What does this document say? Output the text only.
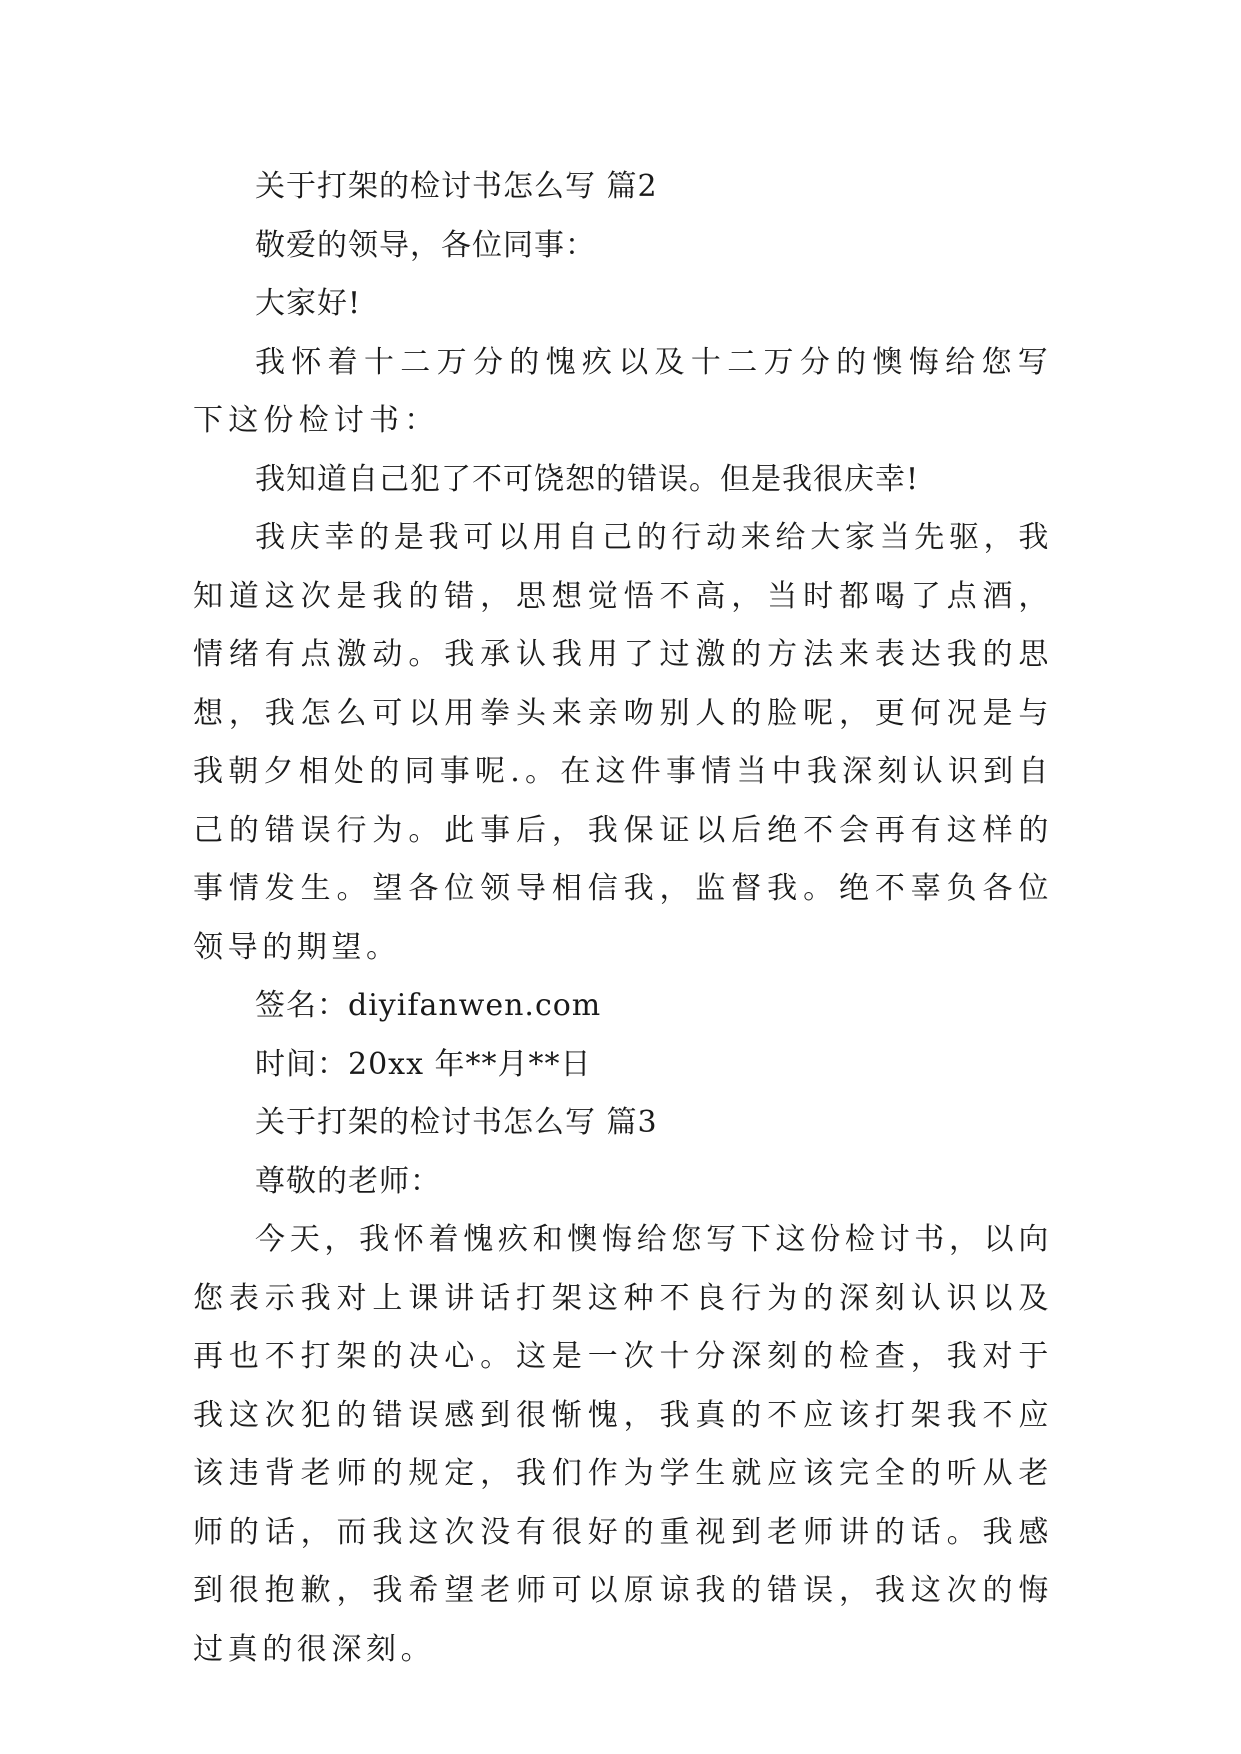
关于打架的检讨书怎么写 篇2
敬爱的领导，各位同事：
大家好!

我怀着十二万分的愧疚以及十二万分的懊悔给您写下这份检讨书：

我知道自己犯了不可饶恕的错误。但是我很庆幸!

我庆幸的是我可以用自己的行动来给大家当先驱，我知道这次是我的错，思想觉悟不高，当时都喝了点酒，情绪有点激动。我承认我用了过激的方法来表达我的思想，我怎么可以用拳头来亲吻别人的脸呢，更何况是与我朝夕相处的同事呢.。在这件事情当中我深刻认识到自己的错误行为。此事后，我保证以后绝不会再有这样的事情发生。望各位领导相信我，监督我。绝不辜负各位领导的期望。

签名：diyifanwen.com
时间：20xx 年**月**日
关于打架的检讨书怎么写 篇3
尊敬的老师：

今天，我怀着愧疚和懊悔给您写下这份检讨书，以向您表示我对上课讲话打架这种不良行为的深刻认识以及再也不打架的决心。这是一次十分深刻的检查，我对于我这次犯的错误感到很惭愧，我真的不应该打架我不应该违背老师的规定，我们作为学生就应该完全的听从老师的话，而我这次没有很好的重视到老师讲的话。我感到很抱歉，我希望老师可以原谅我的错误，我这次的悔过真的很深刻。
